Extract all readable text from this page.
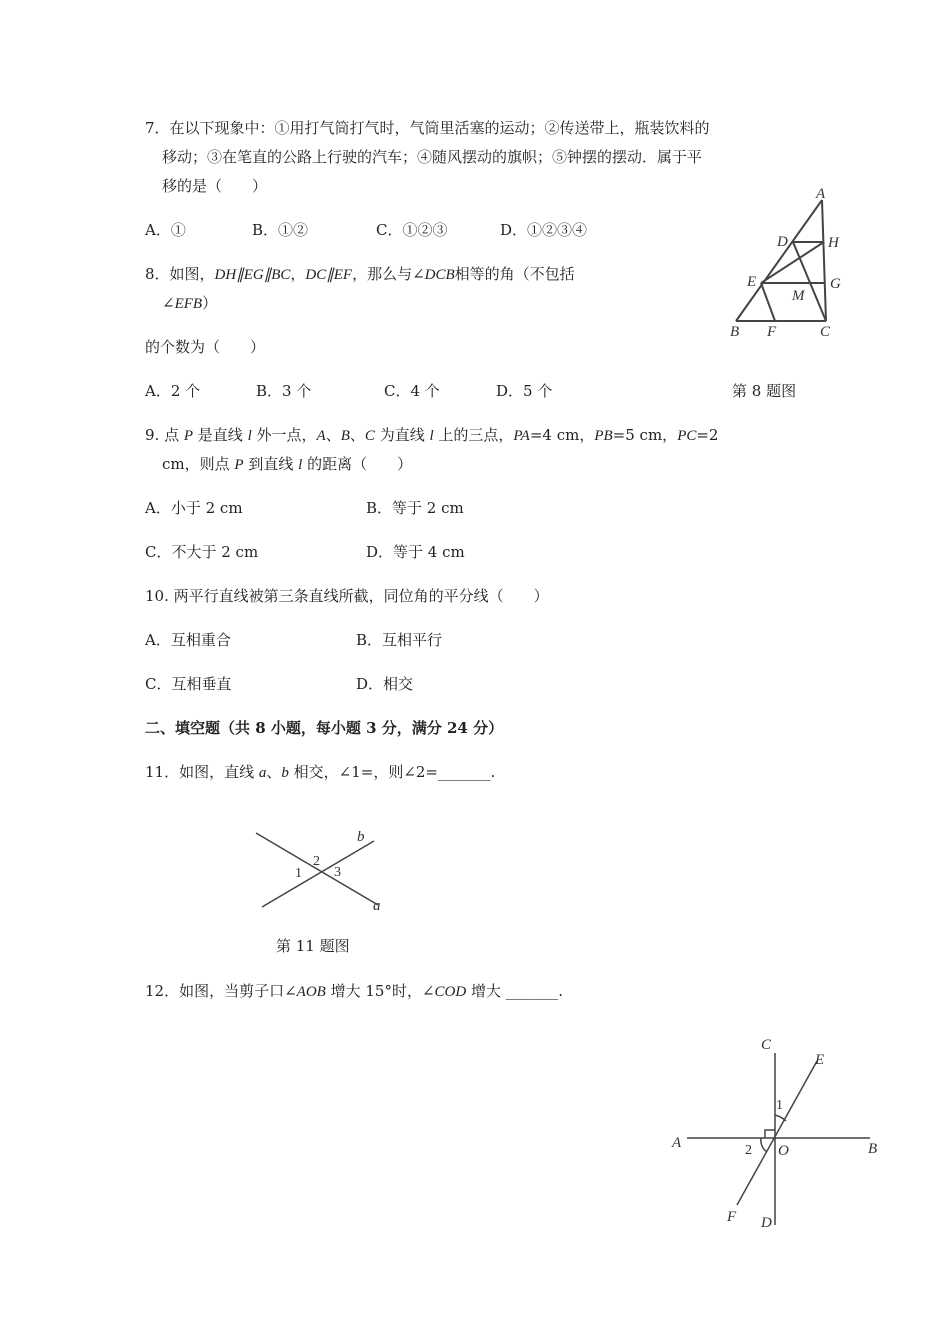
7．在以下现象中：①用打气筒打气时，气筒里活塞的运动；②传送带上，瓶装饮料的
移动；③在笔直的公路上行驶的汽车；④随风摆动的旗帜；⑤钟摆的摆动．属于平
移的是（　　）
A．①	B．①②	C．①②③	D．①②③④
8．如图，DH∥EG∥BC，DC∥EF，那么与∠DCB相等的角（不包括
∠EFB）
的个数为（　　）
A．2 个	B．3 个	C．4 个	D．5 个	第 8 题图
A
B	C
D
E
F
G
H
M
9. 点 P 是直线 l 外一点，A、B、C 为直线 l 上的三点，PA=4 cm，PB=5 cm，PC=2
cm，则点 P 到直线 l 的距离（　　）
A．小于 2 cm	B．等于 2 cm
C．不大于 2 cm	D．等于 4 cm
10. 两平行直线被第三条直线所截，同位角的平分线（　　）
A．互相重合	B．互相平行
C．互相垂直	D．相交
二、填空题（共 8 小题，每小题 3 分，满分 24 分）
11．如图，直线 a、b 相交，∠1=，则∠2=_______.
b
a
2
1 3
第 11 题图
12．如图，当剪子口∠AOB 增大 15°时，∠COD 增大 _______.
C
D
E
F
A	B
O
1
2
